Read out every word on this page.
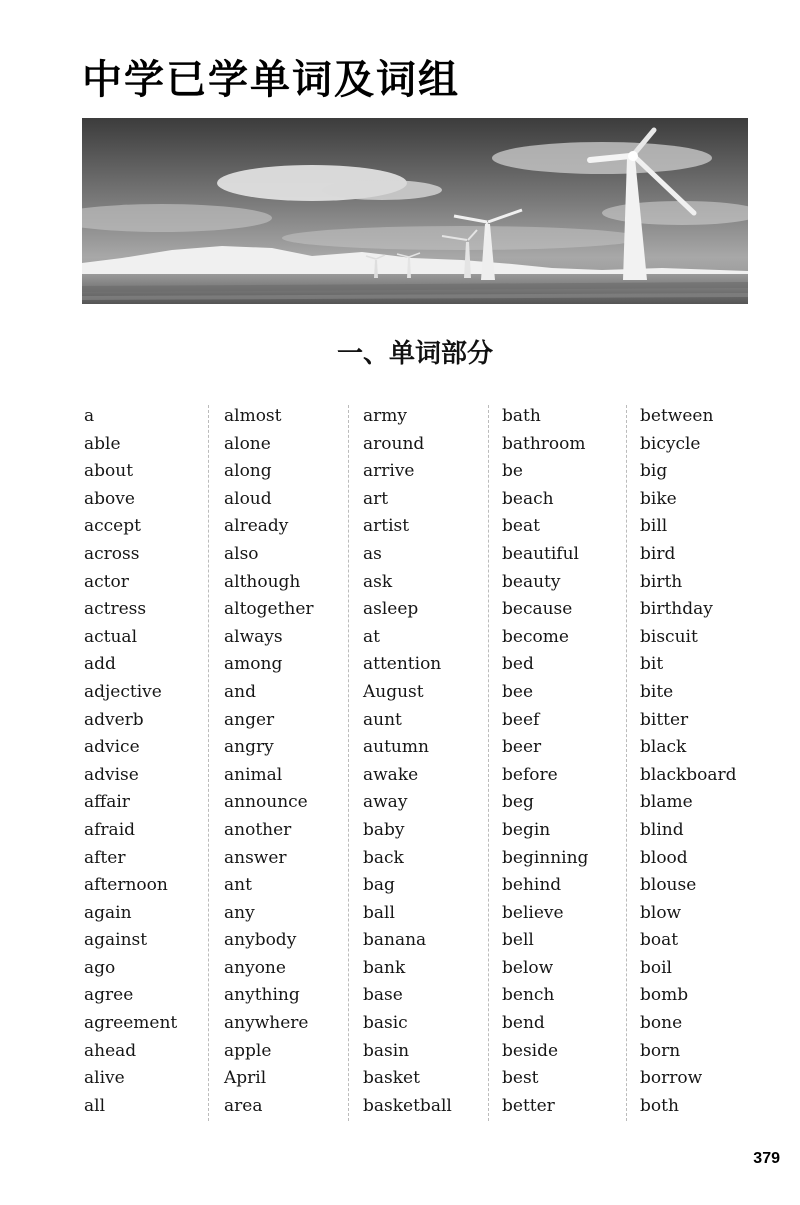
中学已学单词及词组
一、单词部分
a
able
about
above
accept
across
actor
actress
actual
add
adjective
adverb
advice
advise
affair
afraid
after
afternoon
again
against
ago
agree
agreement
ahead
alive
all
almost
alone
along
aloud
already
also
although
altogether
always
among
and
anger
angry
animal
announce
another
answer
ant
any
anybody
anyone
anything
anywhere
apple
April
area
army
around
arrive
art
artist
as
ask
asleep
at
attention
August
aunt
autumn
awake
away
baby
back
bag
ball
banana
bank
base
basic
basin
basket
basketball
bath
bathroom
be
beach
beat
beautiful
beauty
because
become
bed
bee
beef
beer
before
beg
begin
beginning
behind
believe
bell
below
bench
bend
beside
best
better
between
bicycle
big
bike
bill
bird
birth
birthday
biscuit
bit
bite
bitter
black
blackboard
blame
blind
blood
blouse
blow
boat
boil
bomb
bone
born
borrow
both
379
